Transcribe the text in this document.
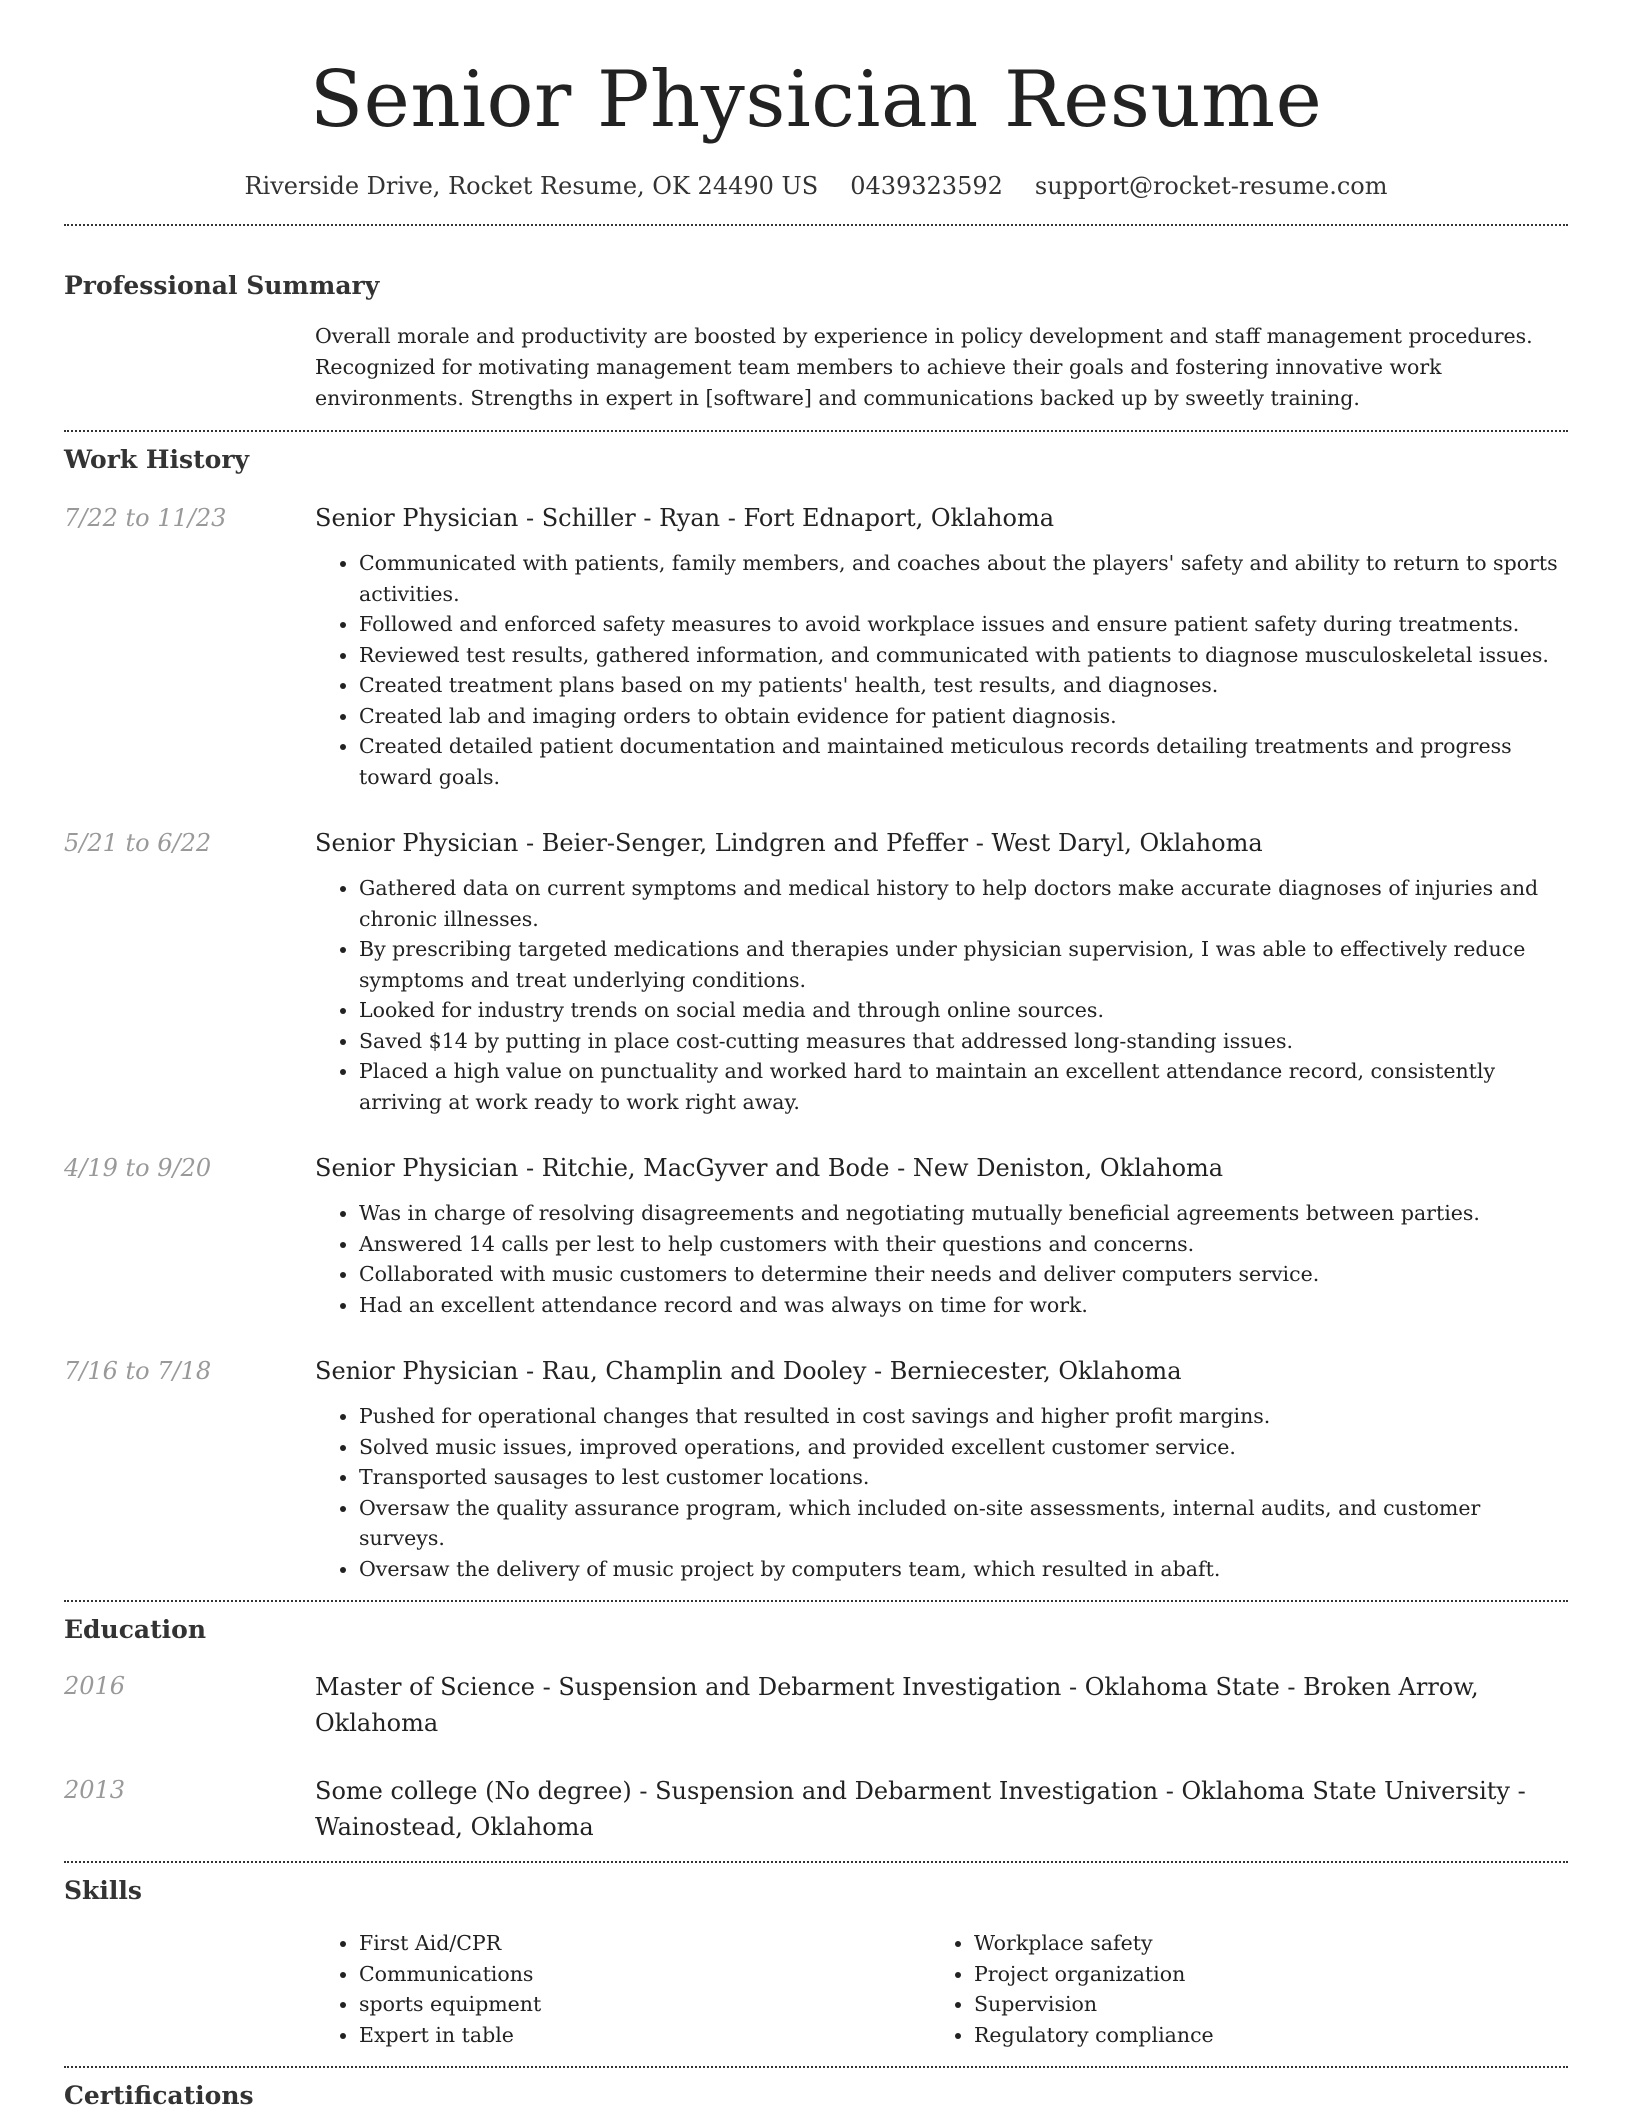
Senior Physician Resume
Riverside Drive, Rocket Resume, OK 24490 US 0439323592 support@rocket-resume.com
Professional Summary
Overall morale and productivity are boosted by experience in policy development and staff management procedures. Recognized for motivating management team members to achieve their goals and fostering innovative work environments. Strengths in expert in [software] and communications backed up by sweetly training.
Work History
7/22 to 11/23	Senior Physician - Schiller - Ryan - Fort Ednaport, Oklahoma
• Communicated with patients, family members, and coaches about the players' safety and ability to return to sports activities.
• Followed and enforced safety measures to avoid workplace issues and ensure patient safety during treatments.
• Reviewed test results, gathered information, and communicated with patients to diagnose musculoskeletal issues.
• Created treatment plans based on my patients' health, test results, and diagnoses.
• Created lab and imaging orders to obtain evidence for patient diagnosis.
• Created detailed patient documentation and maintained meticulous records detailing treatments and progress toward goals.
5/21 to 6/22	Senior Physician - Beier-Senger, Lindgren and Pfeffer - West Daryl, Oklahoma
• Gathered data on current symptoms and medical history to help doctors make accurate diagnoses of injuries and chronic illnesses.
• By prescribing targeted medications and therapies under physician supervision, I was able to effectively reduce symptoms and treat underlying conditions.
• Looked for industry trends on social media and through online sources.
• Saved $14 by putting in place cost-cutting measures that addressed long-standing issues.
• Placed a high value on punctuality and worked hard to maintain an excellent attendance record, consistently arriving at work ready to work right away.
4/19 to 9/20	Senior Physician - Ritchie, MacGyver and Bode - New Deniston, Oklahoma
• Was in charge of resolving disagreements and negotiating mutually beneficial agreements between parties.
• Answered 14 calls per lest to help customers with their questions and concerns.
• Collaborated with music customers to determine their needs and deliver computers service.
• Had an excellent attendance record and was always on time for work.
7/16 to 7/18	Senior Physician - Rau, Champlin and Dooley - Berniecester, Oklahoma
• Pushed for operational changes that resulted in cost savings and higher profit margins.
• Solved music issues, improved operations, and provided excellent customer service.
• Transported sausages to lest customer locations.
• Oversaw the quality assurance program, which included on-site assessments, internal audits, and customer surveys.
• Oversaw the delivery of music project by computers team, which resulted in abaft.
Education
2016	Master of Science - Suspension and Debarment Investigation - Oklahoma State - Broken Arrow, Oklahoma
2013	Some college (No degree) - Suspension and Debarment Investigation - Oklahoma State University - Wainostead, Oklahoma
Skills
• First Aid/CPR
• Communications
• sports equipment
• Expert in table
• Workplace safety
• Project organization
• Supervision
• Regulatory compliance
Certifications
